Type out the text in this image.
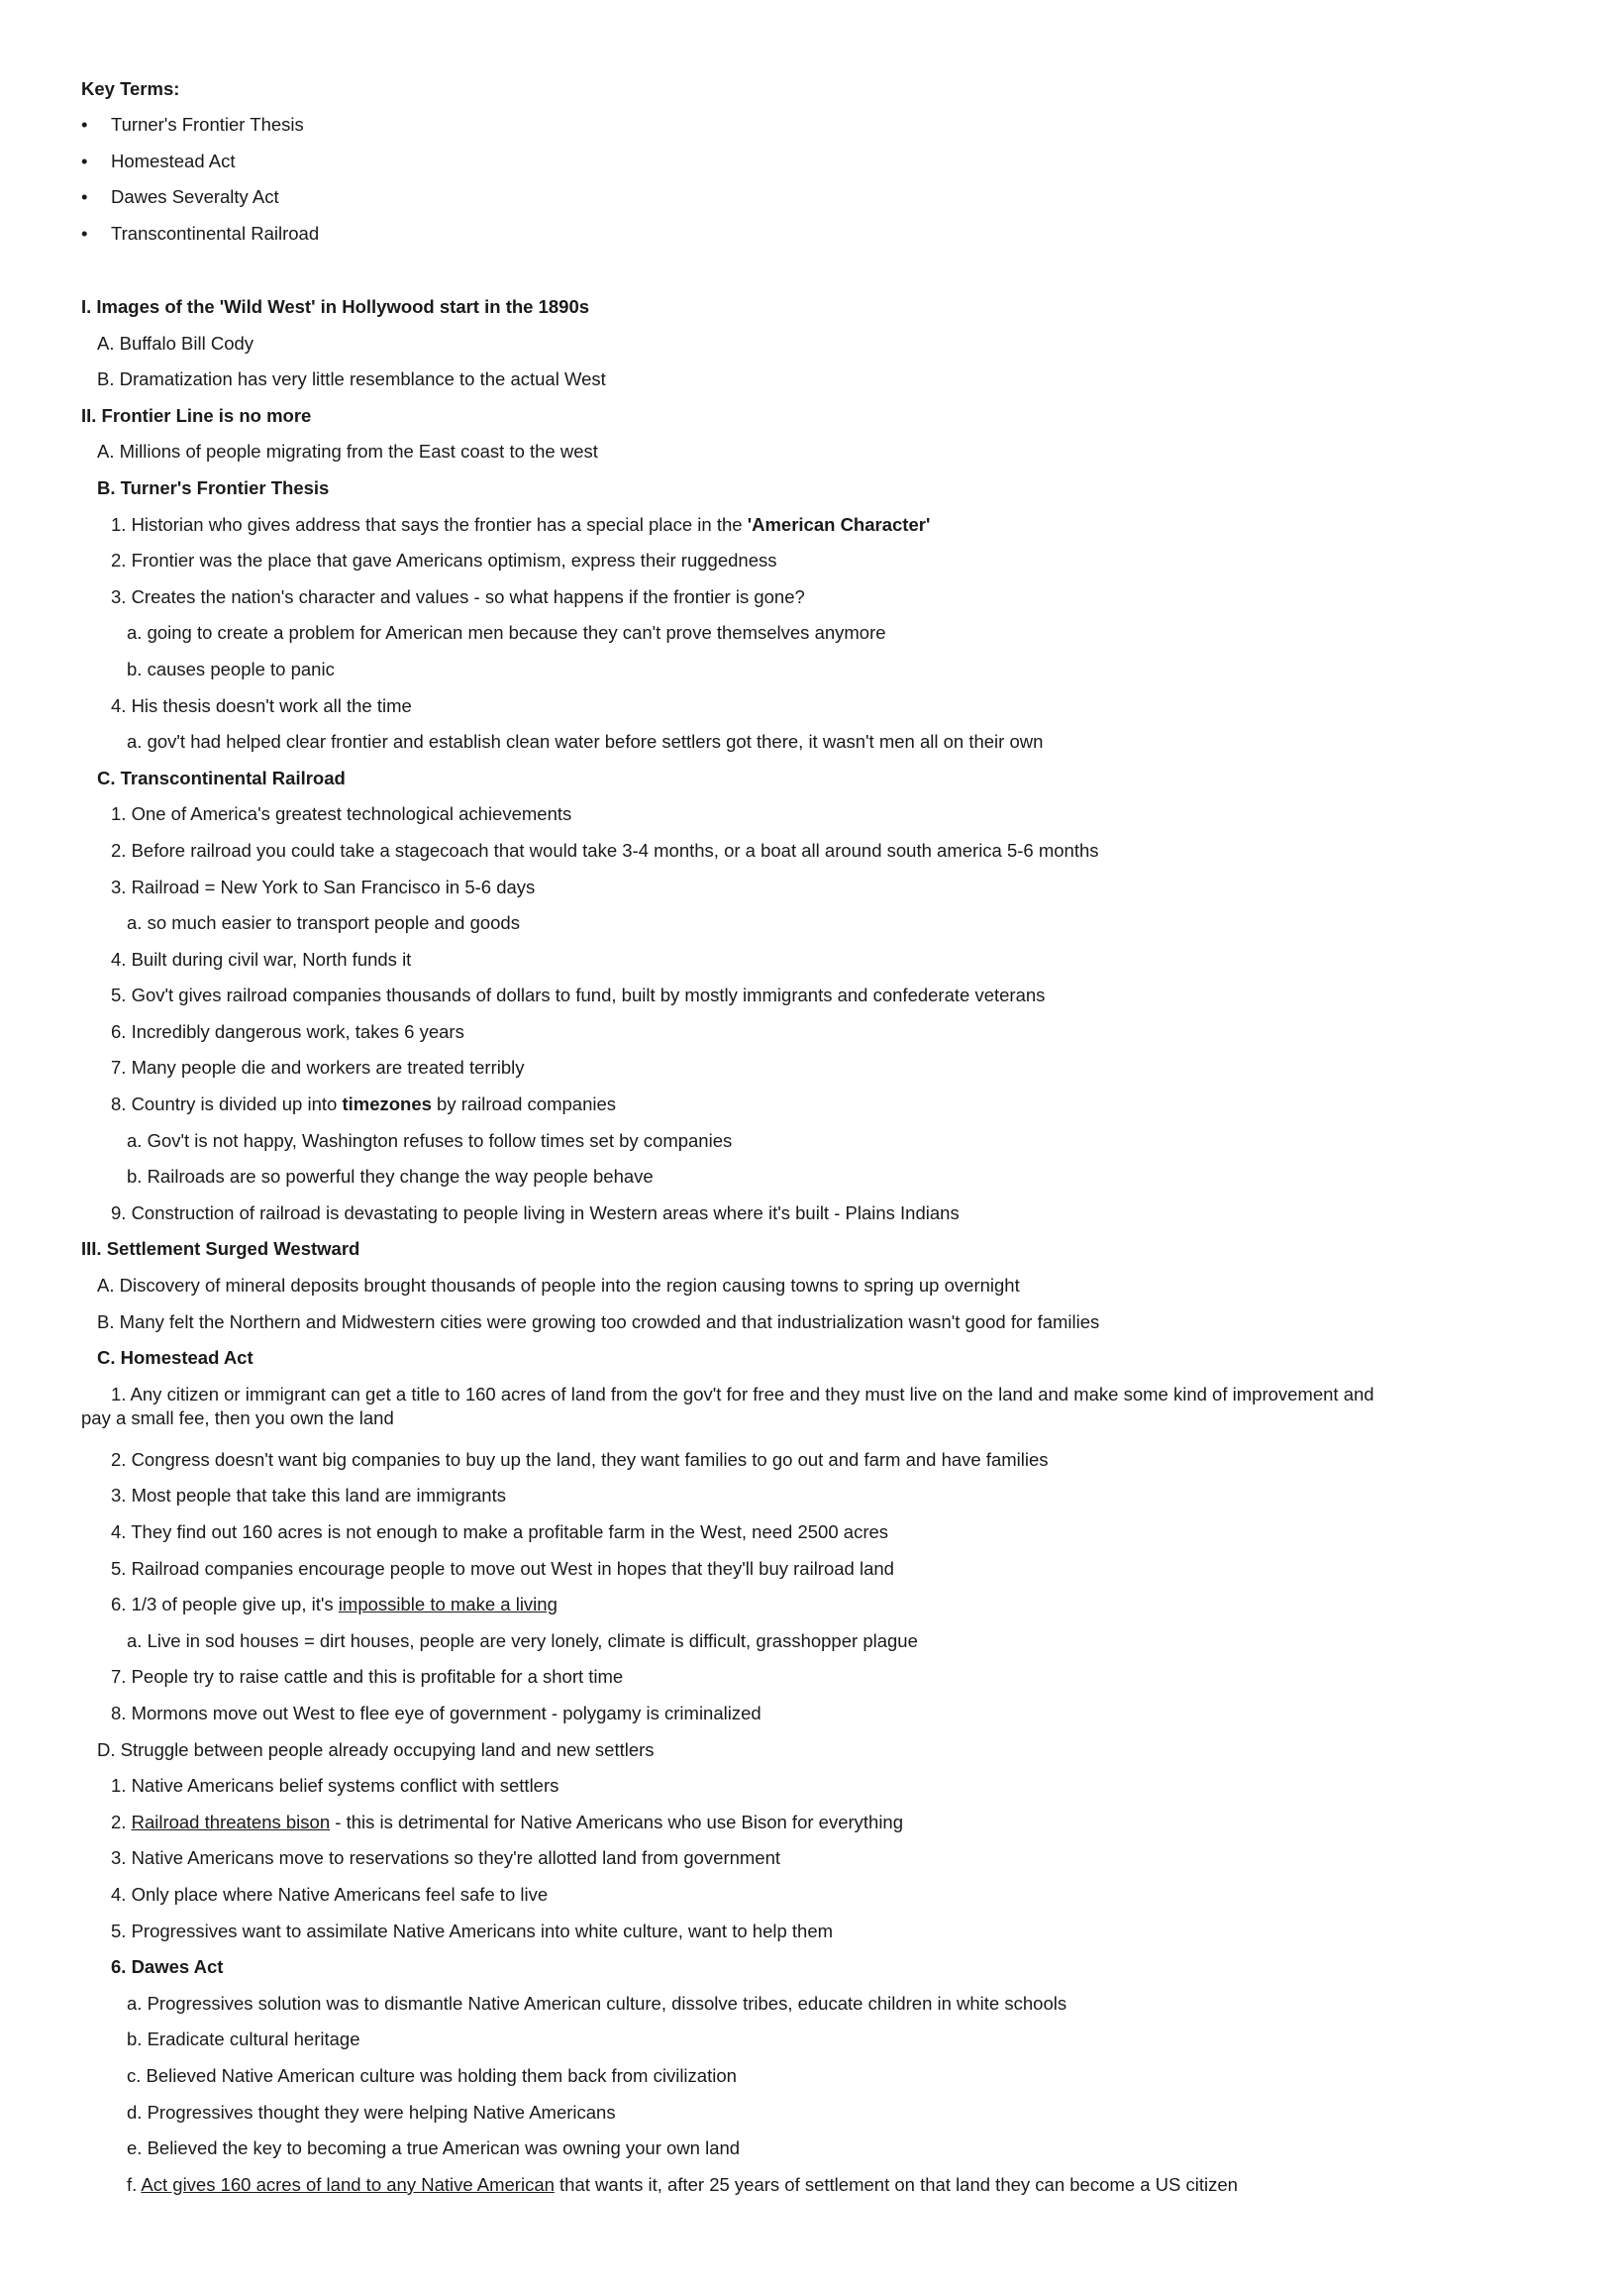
Key Terms:
• Turner's Frontier Thesis
• Homestead Act
• Dawes Severalty Act
• Transcontinental Railroad
I. Images of the 'Wild West' in Hollywood start in the 1890s
A. Buffalo Bill Cody
B. Dramatization has very little resemblance to the actual West
II. Frontier Line is no more
A. Millions of people migrating from the East coast to the west
B. Turner's Frontier Thesis
1. Historian who gives address that says the frontier has a special place in the 'American Character'
2. Frontier was the place that gave Americans optimism, express their ruggedness
3. Creates the nation's character and values - so what happens if the frontier is gone?
a. going to create a problem for American men because they can't prove themselves anymore
b. causes people to panic
4. His thesis doesn't work all the time
a. gov't had helped clear frontier and establish clean water before settlers got there, it wasn't men all on their own
C. Transcontinental Railroad
1. One of America's greatest technological achievements
2. Before railroad you could take a stagecoach that would take 3-4 months, or a boat all around south america 5-6 months
3. Railroad = New York to San Francisco in 5-6 days
a. so much easier to transport people and goods
4. Built during civil war, North funds it
5. Gov't gives railroad companies thousands of dollars to fund, built by mostly immigrants and confederate veterans
6. Incredibly dangerous work, takes 6 years
7. Many people die and workers are treated terribly
8. Country is divided up into timezones by railroad companies
a. Gov't is not happy, Washington refuses to follow times set by companies
b. Railroads are so powerful they change the way people behave
9. Construction of railroad is devastating to people living in Western areas where it's built - Plains Indians
III. Settlement Surged Westward
A. Discovery of mineral deposits brought thousands of people into the region causing towns to spring up overnight
B. Many felt the Northern and Midwestern cities were growing too crowded and that industrialization wasn't good for families
C. Homestead Act
1. Any citizen or immigrant can get a title to 160 acres of land from the gov't for free and they must live on the land and make some kind of improvement and
pay a small fee, then you own the land
2. Congress doesn't want big companies to buy up the land, they want families to go out and farm and have families
3. Most people that take this land are immigrants
4. They find out 160 acres is not enough to make a profitable farm in the West, need 2500 acres
5. Railroad companies encourage people to move out West in hopes that they'll buy railroad land
6. 1/3 of people give up, it's impossible to make a living
a. Live in sod houses = dirt houses, people are very lonely, climate is difficult, grasshopper plague
7. People try to raise cattle and this is profitable for a short time
8. Mormons move out West to flee eye of government - polygamy is criminalized
D. Struggle between people already occupying land and new settlers
1. Native Americans belief systems conflict with settlers
2. Railroad threatens bison - this is detrimental for Native Americans who use Bison for everything
3. Native Americans move to reservations so they're allotted land from government
4. Only place where Native Americans feel safe to live
5. Progressives want to assimilate Native Americans into white culture, want to help them
6. Dawes Act
a. Progressives solution was to dismantle Native American culture, dissolve tribes, educate children in white schools
b. Eradicate cultural heritage
c. Believed Native American culture was holding them back from civilization
d. Progressives thought they were helping Native Americans
e. Believed the key to becoming a true American was owning your own land
f. Act gives 160 acres of land to any Native American that wants it, after 25 years of settlement on that land they can become a US citizen
